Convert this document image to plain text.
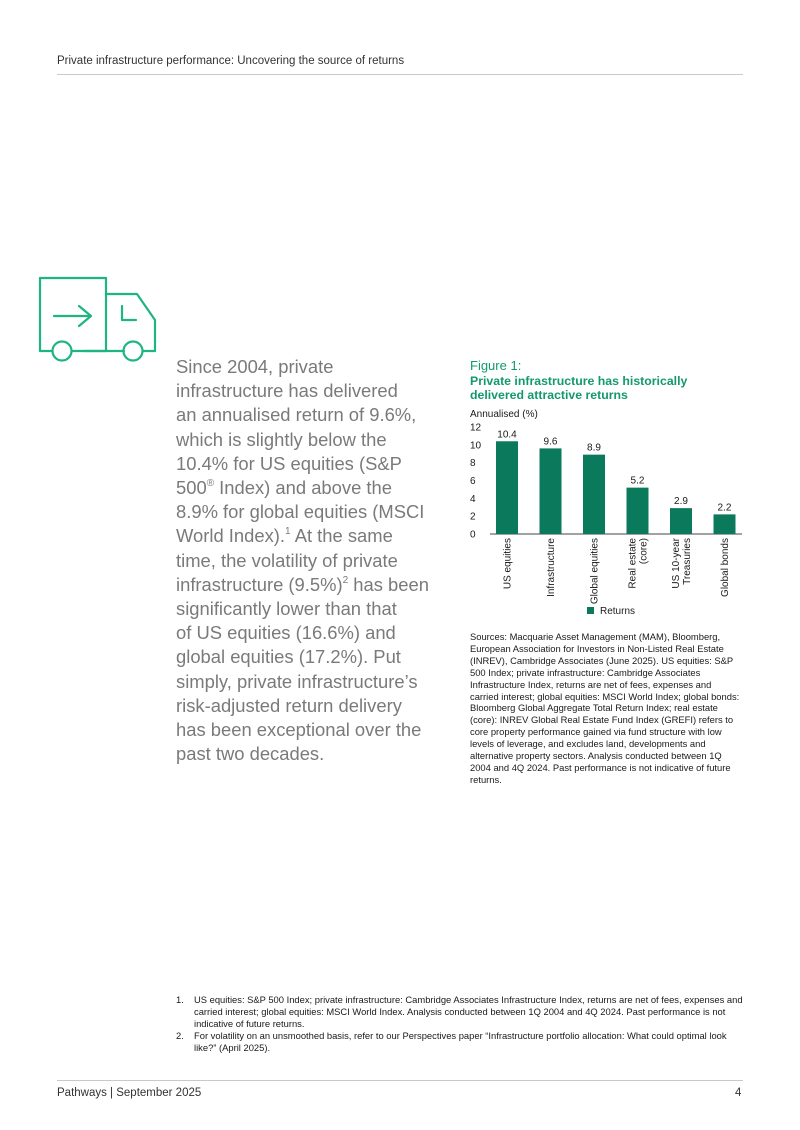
Private infrastructure performance: Uncovering the source of returns
Since 2004, private
infrastructure has delivered
an annualised return of 9.6%,
which is slightly below the
10.4% for US equities (S&P
500® Index) and above the
8.9% for global equities (MSCI
World Index).$^1$ At the same
time, the volatility of private
infrastructure $(9.5\%)^2$ has been
significantly lower than that
of US equities (16.6%) and
global equities (17.2%). Put
simply, private infrastructure’s
risk-adjusted return delivery
has been exceptional over the
past two decades.
Figure 1:
Private infrastructure has historically delivered attractive returns
Annualised (%)
0
2
4
6
8
10
12
10.4
US equities
9.6
Infrastructure
8.9
Global equities
5.2
Real estate (core)
2.9
US 10-year Treasuries
2.2
Global bonds
Returns
Sources: Macquarie Asset Management (MAM), Bloomberg, European Association for Investors in Non-Listed Real Estate (INREV), Cambridge Associates (June 2025). US equities: S&P 500 Index; private infrastructure: Cambridge Associates Infrastructure Index, returns are net of fees, expenses and carried interest; global equities: MSCI World Index; global bonds: Bloomberg Global Aggregate Total Return Index; real estate (core): INREV Global Real Estate Fund Index (GREFI) refers to core property performance gained via fund structure with low levels of leverage, and excludes land, developments and alternative property sectors. Analysis conducted between 1Q 2004 and 4Q 2024. Past performance is not indicative of future returns.
1. US equities: S&P 500 Index; private infrastructure: Cambridge Associates Infrastructure Index, returns are net of fees, expenses and carried interest; global equities: MSCI World Index. Analysis conducted between 1Q 2004 and 4Q 2024. Past performance is not indicative of future returns.
2. For volatility on an unsmoothed basis, refer to our Perspectives paper “Infrastructure portfolio allocation: What could optimal look like?” (April 2025).
Pathways | September 2025	4
